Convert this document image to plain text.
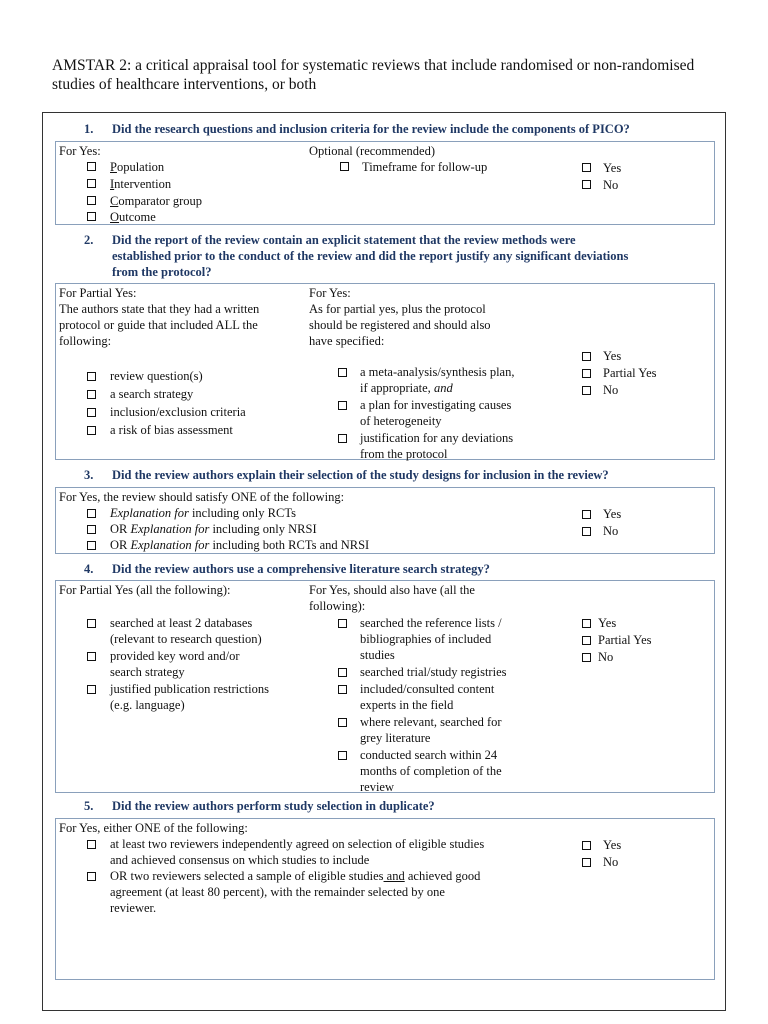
AMSTAR 2: a critical appraisal tool for systematic reviews that include randomised or non-randomised studies of healthcare interventions, or both

1.	Did the research questions and inclusion criteria for the review include the components of PICO?
For Yes:
Population
Intervention
Comparator group
Outcome
Optional (recommended)
Timeframe for follow-up	Yes
No
2.	Did the report of the review contain an explicit statement that the review methods were
established prior to the conduct of the review and did the report justify any significant deviations
from the protocol?
For Partial Yes:
The authors state that they had a written
protocol or guide that included ALL the
following:
review question(s)
a search strategy
inclusion/exclusion criteria
a risk of bias assessment
For Yes:
As for partial yes, plus the protocol
should be registered and should also
have specified:
a meta-analysis/synthesis plan,
if appropriate, and
a plan for investigating causes
of heterogeneity
justification for any deviations
from the protocol
Yes
Partial Yes
No
3.	Did the review authors explain their selection of the study designs for inclusion in the review?
For Yes, the review should satisfy ONE of the following:
Explanation for including only RCTs
OR Explanation for including only NRSI
OR Explanation for including both RCTs and NRSI
Yes
No
4.	Did the review authors use a comprehensive literature search strategy?
For Partial Yes (all the following):
searched at least 2 databases
(relevant to research question)
provided key word and/or
search strategy
justified publication restrictions
(e.g. language)
For Yes, should also have (all the
following):
searched the reference lists /
bibliographies of included
studies
searched trial/study registries
included/consulted content
experts in the field
where relevant, searched for
grey literature
conducted search within 24
months of completion of the
review
Yes
Partial Yes
No
5.	Did the review authors perform study selection in duplicate?
For Yes, either ONE of the following:
at least two reviewers independently agreed on selection of eligible studies
and achieved consensus on which studies to include
OR two reviewers selected a sample of eligible studies and achieved good
agreement (at least 80 percent), with the remainder selected by one
reviewer.
Yes
No
